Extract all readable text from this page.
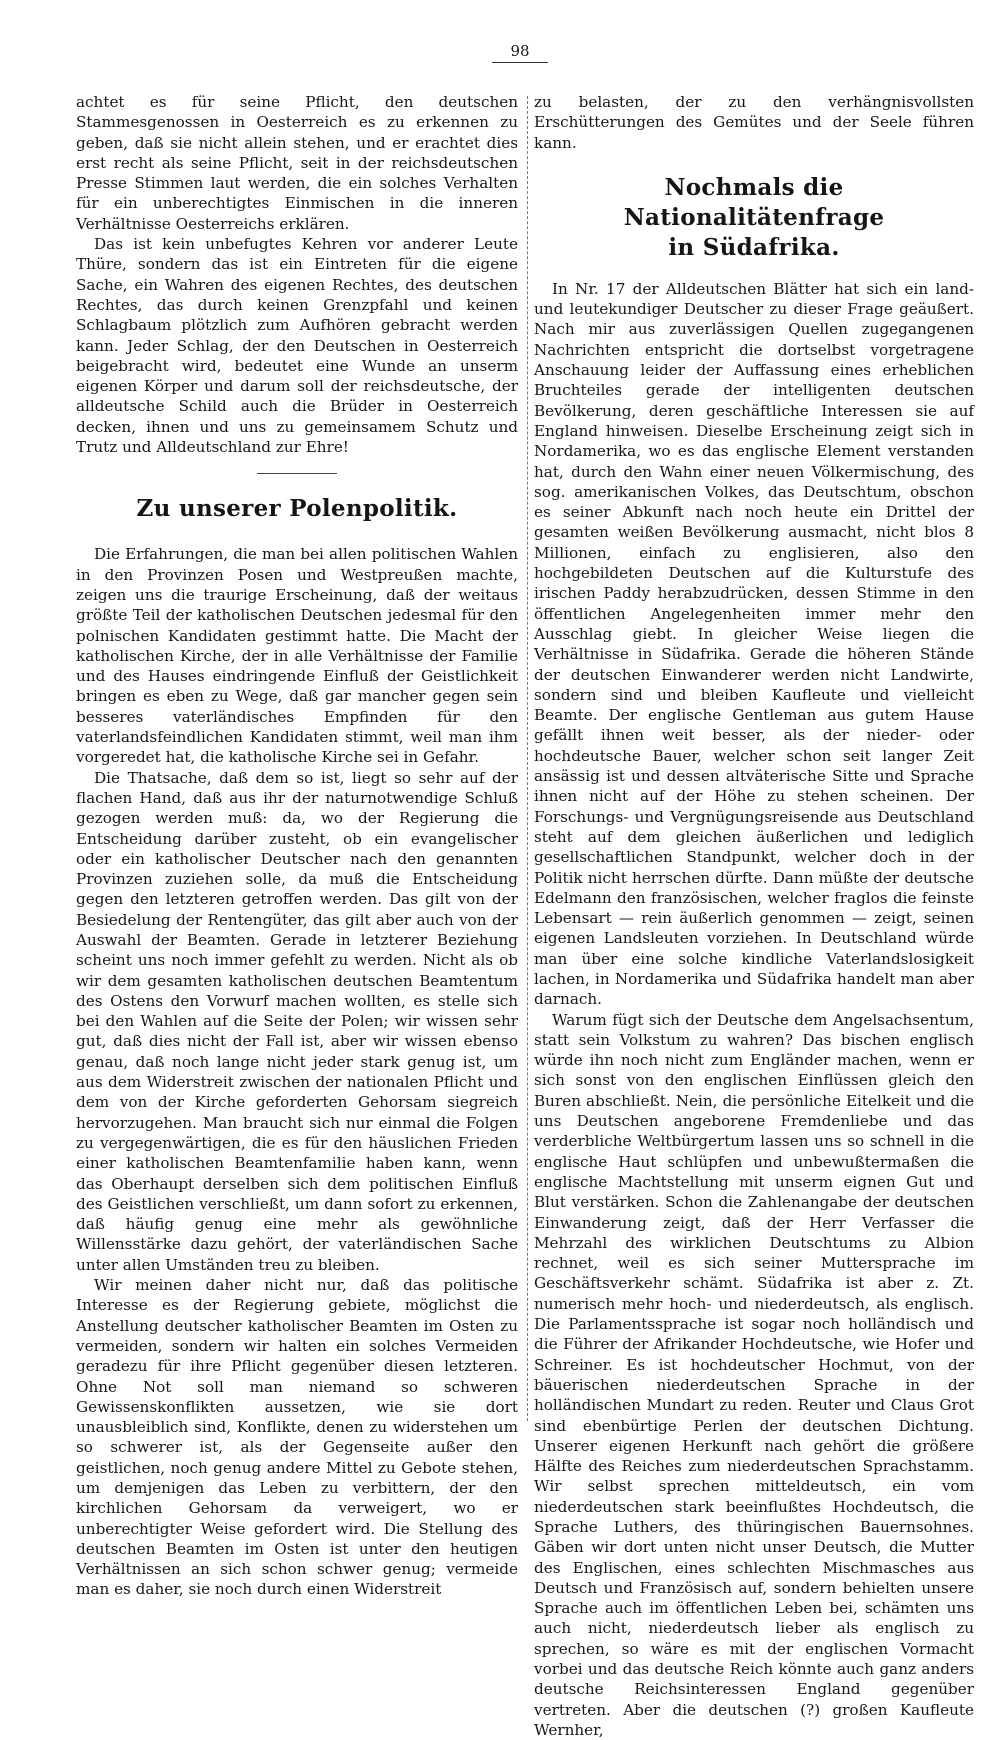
98

achtet es für seine Pflicht, den deutschen Stammesgenossen in Oesterreich es zu erkennen zu geben, daß sie nicht allein stehen, und er erachtet dies erst recht als seine Pflicht, seit in der reichsdeutschen Presse Stimmen laut werden, die ein solches Verhalten für ein unberechtigtes Einmischen in die inneren Verhältnisse Oesterreichs erklären.

Das ist kein unbefugtes Kehren vor anderer Leute Thüre, sondern das ist ein Eintreten für die eigene Sache, ein Wahren des eigenen Rechtes, des deutschen Rechtes, das durch keinen Grenzpfahl und keinen Schlagbaum plötzlich zum Aufhören gebracht werden kann. Jeder Schlag, der den Deutschen in Oesterreich beigebracht wird, bedeutet eine Wunde an unserm eigenen Körper und darum soll der reichsdeutsche, der alldeutsche Schild auch die Brüder in Oesterreich decken, ihnen und uns zu gemeinsamem Schutz und Trutz und Alldeutschland zur Ehre!

Zu unserer Polenpolitik.

Die Erfahrungen, die man bei allen politischen Wahlen in den Provinzen Posen und Westpreußen machte, zeigen uns die traurige Erscheinung, daß der weitaus größte Teil der katholischen Deutschen jedesmal für den polnischen Kandidaten gestimmt hatte. Die Macht der katholischen Kirche, der in alle Verhältnisse der Familie und des Hauses eindringende Einfluß der Geistlichkeit bringen es eben zu Wege, daß gar mancher gegen sein besseres vaterländisches Empfinden für den vaterlandsfeindlichen Kandidaten stimmt, weil man ihm vorgeredet hat, die katholische Kirche sei in Gefahr.

Die Thatsache, daß dem so ist, liegt so sehr auf der flachen Hand, daß aus ihr der naturnotwendige Schluß gezogen werden muß: da, wo der Regierung die Entscheidung darüber zusteht, ob ein evangelischer oder ein katholischer Deutscher nach den genannten Provinzen zuziehen solle, da muß die Entscheidung gegen den letzteren getroffen werden. Das gilt von der Besiedelung der Rentengüter, das gilt aber auch von der Auswahl der Beamten. Gerade in letzterer Beziehung scheint uns noch immer gefehlt zu werden. Nicht als ob wir dem gesamten katholischen deutschen Beamtentum des Ostens den Vorwurf machen wollten, es stelle sich bei den Wahlen auf die Seite der Polen; wir wissen sehr gut, daß dies nicht der Fall ist, aber wir wissen ebenso genau, daß noch lange nicht jeder stark genug ist, um aus dem Widerstreit zwischen der nationalen Pflicht und dem von der Kirche geforderten Gehorsam siegreich hervorzugehen. Man braucht sich nur einmal die Folgen zu vergegenwärtigen, die es für den häuslichen Frieden einer katholischen Beamtenfamilie haben kann, wenn das Oberhaupt derselben sich dem politischen Einfluß des Geistlichen verschließt, um dann sofort zu erkennen, daß häufig genug eine mehr als gewöhnliche Willensstärke dazu gehört, der vaterländischen Sache unter allen Umständen treu zu bleiben.

Wir meinen daher nicht nur, daß das politische Interesse es der Regierung gebiete, möglichst die Anstellung deutscher katholischer Beamten im Osten zu vermeiden, sondern wir halten ein solches Vermeiden geradezu für ihre Pflicht gegenüber diesen letzteren. Ohne Not soll man niemand so schweren Gewissenskonflikten aussetzen, wie sie dort unausbleiblich sind, Konflikte, denen zu widerstehen um so schwerer ist, als der Gegenseite außer den geistlichen, noch genug andere Mittel zu Gebote stehen, um demjenigen das Leben zu verbittern, der den kirchlichen Gehorsam da verweigert, wo er unberechtigter Weise gefordert wird. Die Stellung des deutschen Beamten im Osten ist unter den heutigen Verhältnissen an sich schon schwer genug; vermeide man es daher, sie noch durch einen Widerstreit

zu belasten, der zu den verhängnisvollsten Erschütterungen des Gemütes und der Seele führen kann.

Nochmals die Nationalitätenfrage
in Südafrika.

In Nr. 17 der Alldeutschen Blätter hat sich ein land- und leutekundiger Deutscher zu dieser Frage geäußert. Nach mir aus zuverlässigen Quellen zugegangenen Nachrichten entspricht die dortselbst vorgetragene Anschauung leider der Auffassung eines erheblichen Bruchteiles gerade der intelligenten deutschen Bevölkerung, deren geschäftliche Interessen sie auf England hinweisen. Dieselbe Erscheinung zeigt sich in Nordamerika, wo es das englische Element verstanden hat, durch den Wahn einer neuen Völkermischung, des sog. amerikanischen Volkes, das Deutschtum, obschon es seiner Abkunft nach noch heute ein Drittel der gesamten weißen Bevölkerung ausmacht, nicht blos 8 Millionen, einfach zu englisieren, also den hochgebildeten Deutschen auf die Kulturstufe des irischen Paddy herabzudrücken, dessen Stimme in den öffentlichen Angelegenheiten immer mehr den Ausschlag giebt. In gleicher Weise liegen die Verhältnisse in Südafrika. Gerade die höheren Stände der deutschen Einwanderer werden nicht Landwirte, sondern sind und bleiben Kaufleute und vielleicht Beamte. Der englische Gentleman aus gutem Hause gefällt ihnen weit besser, als der nieder- oder hochdeutsche Bauer, welcher schon seit langer Zeit ansässig ist und dessen altväterische Sitte und Sprache ihnen nicht auf der Höhe zu stehen scheinen. Der Forschungs- und Vergnügungsreisende aus Deutschland steht auf dem gleichen äußerlichen und lediglich gesellschaftlichen Standpunkt, welcher doch in der Politik nicht herrschen dürfte. Dann müßte der deutsche Edelmann den französischen, welcher fraglos die feinste Lebensart — rein äußerlich genommen — zeigt, seinen eigenen Landsleuten vorziehen. In Deutschland würde man über eine solche kindliche Vaterlandslosigkeit lachen, in Nordamerika und Südafrika handelt man aber darnach.

Warum fügt sich der Deutsche dem Angelsachsentum, statt sein Volkstum zu wahren? Das bischen englisch würde ihn noch nicht zum Engländer machen, wenn er sich sonst von den englischen Einflüssen gleich den Buren abschließt. Nein, die persönliche Eitelkeit und die uns Deutschen angeborene Fremdenliebe und das verderbliche Weltbürgertum lassen uns so schnell in die englische Haut schlüpfen und unbewußtermaßen die englische Machtstellung mit unserm eignen Gut und Blut verstärken. Schon die Zahlenangabe der deutschen Einwanderung zeigt, daß der Herr Verfasser die Mehrzahl des wirklichen Deutschtums zu Albion rechnet, weil es sich seiner Muttersprache im Geschäftsverkehr schämt. Südafrika ist aber z. Zt. numerisch mehr hoch- und niederdeutsch, als englisch. Die Parlamentssprache ist sogar noch holländisch und die Führer der Afrikander Hochdeutsche, wie Hofer und Schreiner. Es ist hochdeutscher Hochmut, von der bäuerischen niederdeutschen Sprache in der holländischen Mundart zu reden. Reuter und Claus Grot sind ebenbürtige Perlen der deutschen Dichtung. Unserer eigenen Herkunft nach gehört die größere Hälfte des Reiches zum niederdeutschen Sprachstamm. Wir selbst sprechen mitteldeutsch, ein vom niederdeutschen stark beeinflußtes Hochdeutsch, die Sprache Luthers, des thüringischen Bauernsohnes. Gäben wir dort unten nicht unser Deutsch, die Mutter des Englischen, eines schlechten Mischmasches aus Deutsch und Französisch auf, sondern behielten unsere Sprache auch im öffentlichen Leben bei, schämten uns auch nicht, niederdeutsch lieber als englisch zu sprechen, so wäre es mit der englischen Vormacht vorbei und das deutsche Reich könnte auch ganz anders deutsche Reichsinteressen England gegenüber vertreten. Aber die deutschen (?) großen Kaufleute Wernher,
